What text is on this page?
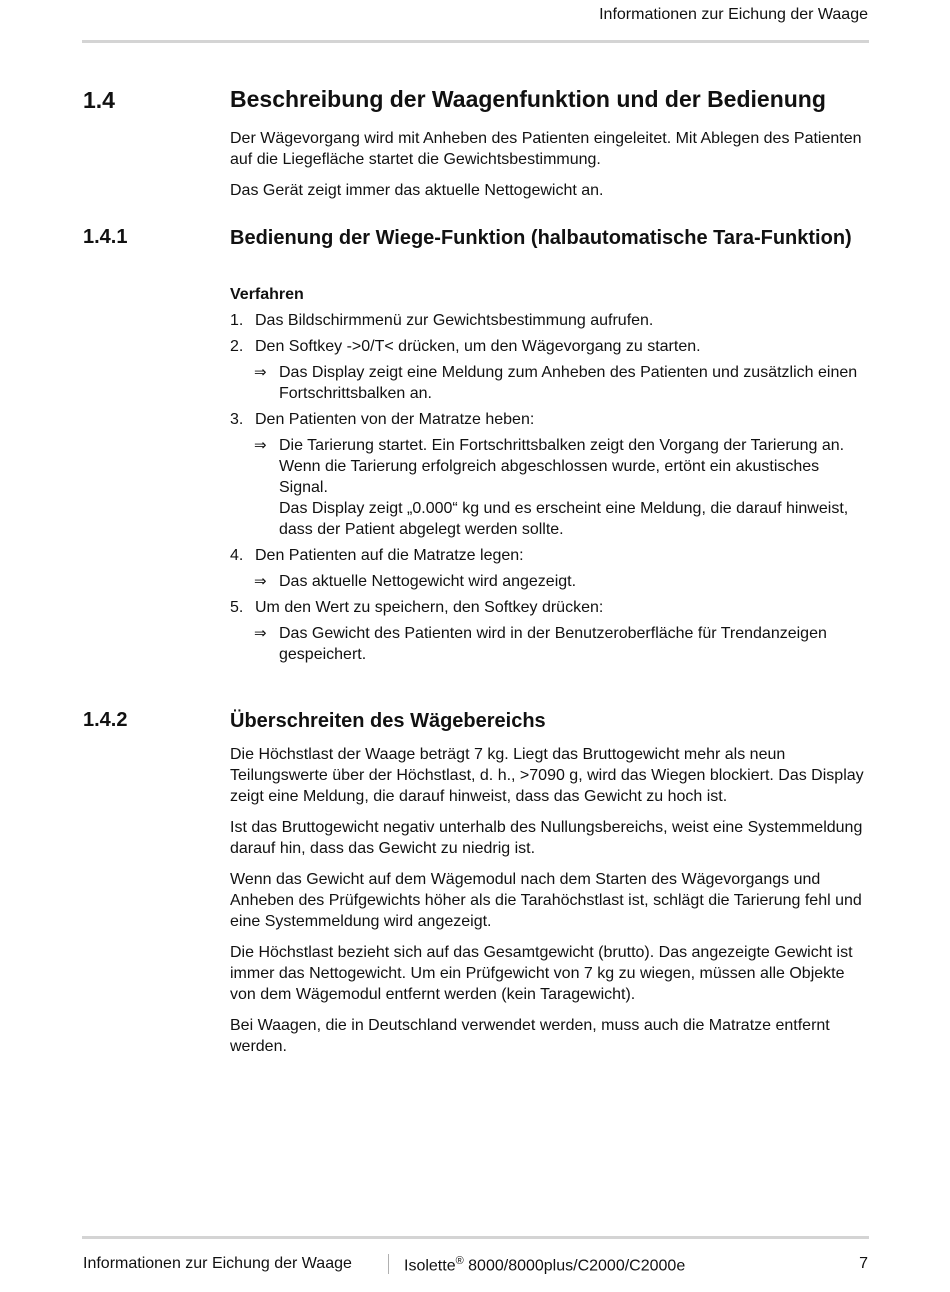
Informationen zur Eichung der Waage
1.4	Beschreibung der Waagenfunktion und der Bedienung

Der Wägevorgang wird mit Anheben des Patienten eingeleitet. Mit Ablegen des Patienten auf die Liegefläche startet die Gewichtsbestimmung.

Das Gerät zeigt immer das aktuelle Nettogewicht an.

1.4.1	Bedienung der Wiege-Funktion (halbautomatische Tara-Funktion)
Verfahren
1. Das Bildschirmmenü zur Gewichtsbestimmung aufrufen.
2. Den Softkey ->0/T< drücken, um den Wägevorgang zu starten.
⇒ Das Display zeigt eine Meldung zum Anheben des Patienten und zusätzlich einen Fortschrittsbalken an.
3. Den Patienten von der Matratze heben:
⇒ Die Tarierung startet. Ein Fortschrittsbalken zeigt den Vorgang der Tarierung an.
Wenn die Tarierung erfolgreich abgeschlossen wurde, ertönt ein akustisches Signal.
Das Display zeigt „0.000“ kg und es erscheint eine Meldung, die darauf hinweist, dass der Patient abgelegt werden sollte.
4. Den Patienten auf die Matratze legen:
⇒ Das aktuelle Nettogewicht wird angezeigt.
5. Um den Wert zu speichern, den Softkey drücken:
⇒ Das Gewicht des Patienten wird in der Benutzeroberfläche für Trendanzeigen gespeichert.
1.4.2	Überschreiten des Wägebereichs

Die Höchstlast der Waage beträgt 7 kg. Liegt das Bruttogewicht mehr als neun Teilungswerte über der Höchstlast, d. h., >7090 g, wird das Wiegen blockiert. Das Display zeigt eine Meldung, die darauf hinweist, dass das Gewicht zu hoch ist.

Ist das Bruttogewicht negativ unterhalb des Nullungsbereichs, weist eine Systemmeldung darauf hin, dass das Gewicht zu niedrig ist.

Wenn das Gewicht auf dem Wägemodul nach dem Starten des Wägevorgangs und Anheben des Prüfgewichts höher als die Tarahöchstlast ist, schlägt die Tarierung fehl und eine Systemmeldung wird angezeigt.

Die Höchstlast bezieht sich auf das Gesamtgewicht (brutto). Das angezeigte Gewicht ist immer das Nettogewicht. Um ein Prüfgewicht von 7 kg zu wiegen, müssen alle Objekte von dem Wägemodul entfernt werden (kein Taragewicht).

Bei Waagen, die in Deutschland verwendet werden, muss auch die Matratze entfernt werden.

Informationen zur Eichung der Waage	Isolette® 8000/8000plus/C2000/C2000e	7
